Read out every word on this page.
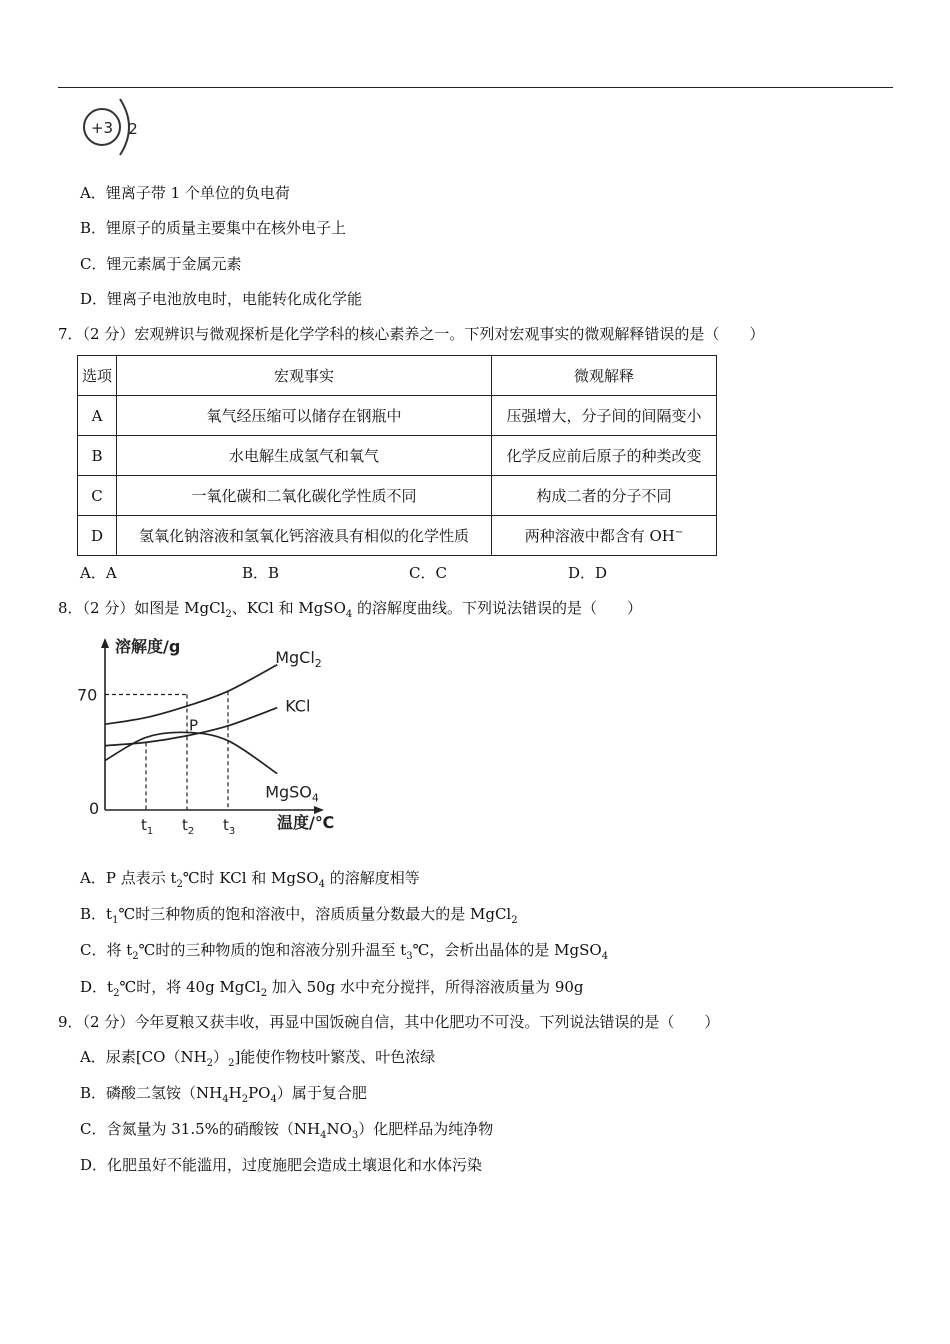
+3 2
A．锂离子带 1 个单位的负电荷
B．锂原子的质量主要集中在核外电子上
C．锂元素属于金属元素
D．锂离子电池放电时，电能转化成化学能
7．（2 分）宏观辨识与微观探析是化学学科的核心素养之一。下列对宏观事实的微观解释错误的是（　　）
选项	宏观事实	微观解释
A	氧气经压缩可以储存在钢瓶中	压强增大，分子间的间隔变小
B	水电解生成氢气和氧气	化学反应前后原子的种类改变
C	一氧化碳和二氧化碳化学性质不同	构成二者的分子不同
D	氢氧化钠溶液和氢氧化钙溶液具有相似的化学性质	两种溶液中都含有 OH−
A．A	B．B	C．C	D．D
8．（2 分）如图是 MgCl$_2$、KCl 和 MgSO$_4$ 的溶解度曲线。下列说法错误的是（　　）
溶解度/g
温度/℃
0
MgCl$_2$
KCl
MgSO$_4$
70
$t_1$ $t_2$ $t_3$
P
A．P 点表示 $t_2℃$时 KCl 和 MgSO$_4$ 的溶解度相等
B．$t_1℃$时三种物质的饱和溶液中，溶质质量分数最大的是 MgCl$_2$
C．将 $t_2℃$时的三种物质的饱和溶液分别升温至 $t_3℃$，会析出晶体的是 MgSO$_4$
D．$t_2℃$时，将 40g MgCl$_2$ 加入 50g 水中充分搅拌，所得溶液质量为 90g
9．（2 分）今年夏粮又获丰收，再显中国饭碗自信，其中化肥功不可没。下列说法错误的是（　　）
A．尿素$[CO(NH_2)_2]$能使作物枝叶繁茂、叶色浓绿
B．磷酸二氢铵$(NH_4H_2PO_4)$属于复合肥
C．含氮量为 31.5%的硝酸铵$(NH_4NO_3)$化肥样品为纯净物
D．化肥虽好不能滥用，过度施肥会造成土壤退化和水体污染
